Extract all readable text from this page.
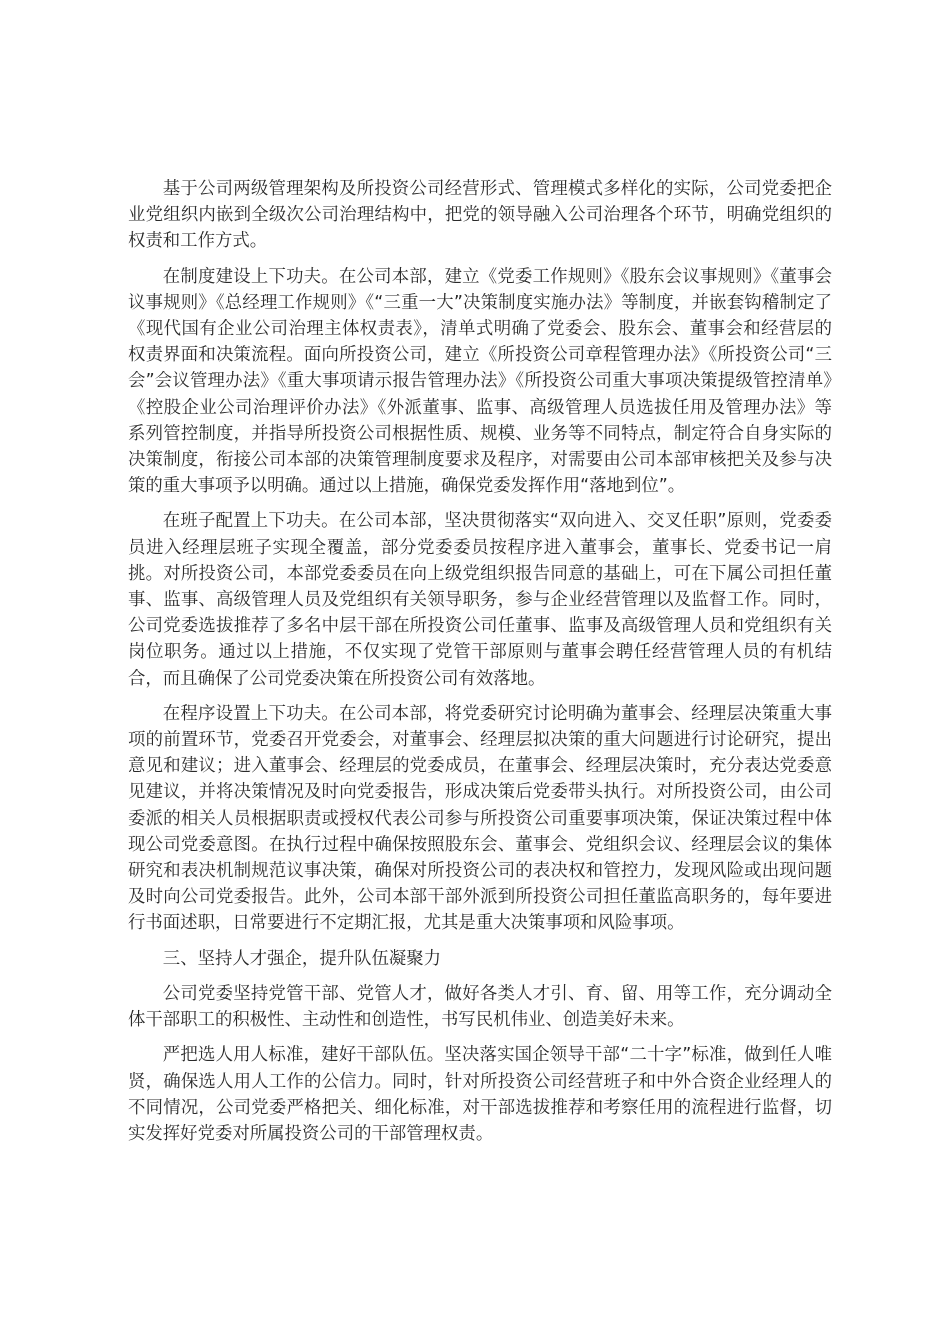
基于公司两级管理架构及所投资公司经营形式、管理模式多样化的实际，公司党委把企业党组织内嵌到全级次公司治理结构中，把党的领导融入公司治理各个环节，明确党组织的权责和工作方式。

在制度建设上下功夫。在公司本部，建立《党委工作规则》《股东会议事规则》《董事会议事规则》《总经理工作规则》《“三重一大”决策制度实施办法》等制度，并嵌套钩稽制定了《现代国有企业公司治理主体权责表》，清单式明确了党委会、股东会、董事会和经营层的权责界面和决策流程。面向所投资公司，建立《所投资公司章程管理办法》《所投资公司“三会”会议管理办法》《重大事项请示报告管理办法》《所投资公司重大事项决策提级管控清单》《控股企业公司治理评价办法》《外派董事、监事、高级管理人员选拔任用及管理办法》等系列管控制度，并指导所投资公司根据性质、规模、业务等不同特点，制定符合自身实际的决策制度，衔接公司本部的决策管理制度要求及程序，对需要由公司本部审核把关及参与决策的重大事项予以明确。通过以上措施，确保党委发挥作用“落地到位”。

在班子配置上下功夫。在公司本部，坚决贯彻落实“双向进入、交叉任职”原则，党委委员进入经理层班子实现全覆盖，部分党委委员按程序进入董事会，董事长、党委书记一肩挑。对所投资公司，本部党委委员在向上级党组织报告同意的基础上，可在下属公司担任董事、监事、高级管理人员及党组织有关领导职务，参与企业经营管理以及监督工作。同时，公司党委选拔推荐了多名中层干部在所投资公司任董事、监事及高级管理人员和党组织有关岗位职务。通过以上措施，不仅实现了党管干部原则与董事会聘任经营管理人员的有机结合，而且确保了公司党委决策在所投资公司有效落地。

在程序设置上下功夫。在公司本部，将党委研究讨论明确为董事会、经理层决策重大事项的前置环节，党委召开党委会，对董事会、经理层拟决策的重大问题进行讨论研究，提出意见和建议；进入董事会、经理层的党委成员，在董事会、经理层决策时，充分表达党委意见建议，并将决策情况及时向党委报告，形成决策后党委带头执行。对所投资公司，由公司委派的相关人员根据职责或授权代表公司参与所投资公司重要事项决策，保证决策过程中体现公司党委意图。在执行过程中确保按照股东会、董事会、党组织会议、经理层会议的集体研究和表决机制规范议事决策，确保对所投资公司的表决权和管控力，发现风险或出现问题及时向公司党委报告。此外，公司本部干部外派到所投资公司担任董监高职务的，每年要进行书面述职，日常要进行不定期汇报，尤其是重大决策事项和风险事项。

三、坚持人才强企，提升队伍凝聚力

公司党委坚持党管干部、党管人才，做好各类人才引、育、留、用等工作，充分调动全体干部职工的积极性、主动性和创造性，书写民机伟业、创造美好未来。

严把选人用人标准，建好干部队伍。坚决落实国企领导干部“二十字”标准，做到任人唯贤，确保选人用人工作的公信力。同时，针对所投资公司经营班子和中外合资企业经理人的不同情况，公司党委严格把关、细化标准，对干部选拔推荐和考察任用的流程进行监督，切实发挥好党委对所属投资公司的干部管理权责。
